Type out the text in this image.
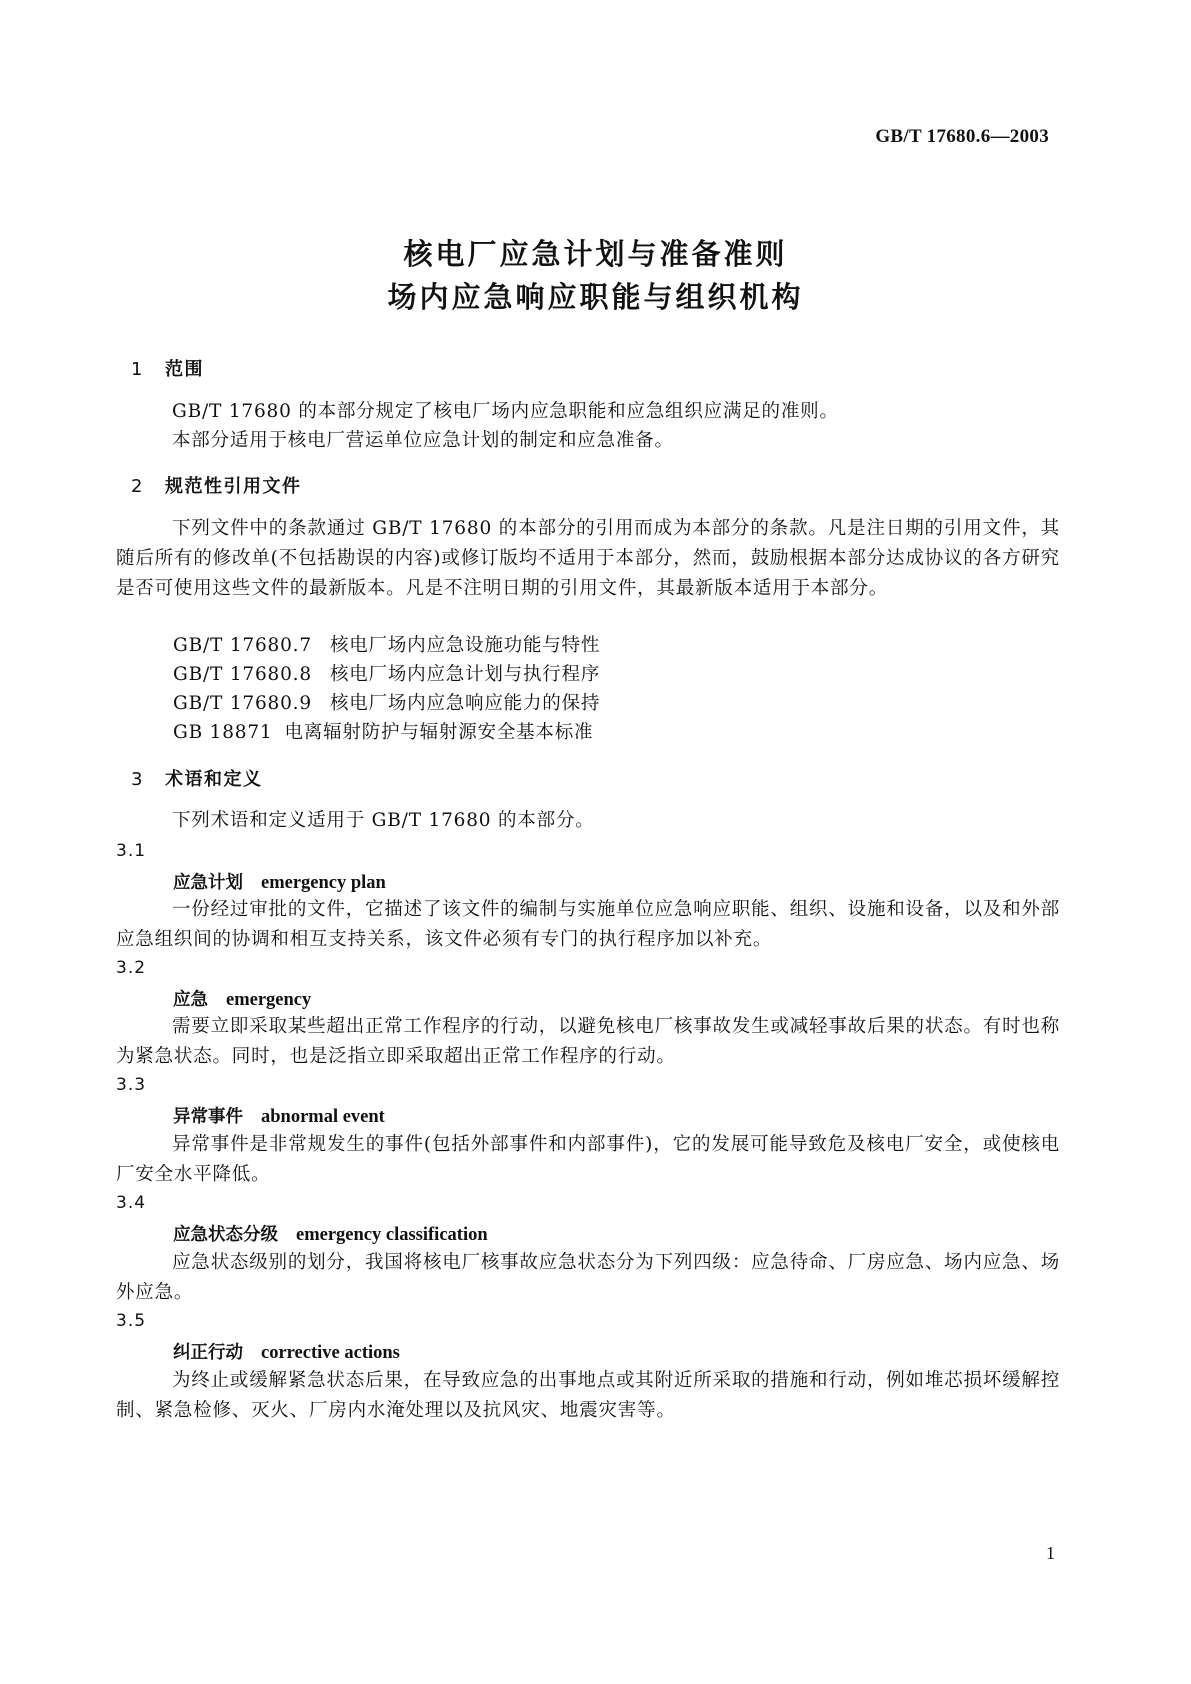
GB/T 17680.6—2003
核电厂应急计划与准备准则
场内应急响应职能与组织机构
1 范围
GB/T 17680 的本部分规定了核电厂场内应急职能和应急组织应满足的准则。
本部分适用于核电厂营运单位应急计划的制定和应急准备。
2 规范性引用文件
下列文件中的条款通过 GB/T 17680 的本部分的引用而成为本部分的条款。凡是注日期的引用文件，其随后所有的修改单(不包括勘误的内容)或修订版均不适用于本部分，然而，鼓励根据本部分达成协议的各方研究是否可使用这些文件的最新版本。凡是不注明日期的引用文件，其最新版本适用于本部分。
GB/T 17680.7 核电厂场内应急设施功能与特性
GB/T 17680.8 核电厂场内应急计划与执行程序
GB/T 17680.9 核电厂场内应急响应能力的保持
GB 18871 电离辐射防护与辐射源安全基本标准
3 术语和定义
下列术语和定义适用于 GB/T 17680 的本部分。
3.1
应急计划 emergency plan
一份经过审批的文件，它描述了该文件的编制与实施单位应急响应职能、组织、设施和设备，以及和外部应急组织间的协调和相互支持关系，该文件必须有专门的执行程序加以补充。
3.2
应急 emergency
需要立即采取某些超出正常工作程序的行动，以避免核电厂核事故发生或减轻事故后果的状态。有时也称为紧急状态。同时，也是泛指立即采取超出正常工作程序的行动。
3.3
异常事件 abnormal event
异常事件是非常规发生的事件(包括外部事件和内部事件)，它的发展可能导致危及核电厂安全，或使核电厂安全水平降低。
3.4
应急状态分级 emergency classification
应急状态级别的划分，我国将核电厂核事故应急状态分为下列四级：应急待命、厂房应急、场内应急、场外应急。
3.5
纠正行动 corrective actions
为终止或缓解紧急状态后果，在导致应急的出事地点或其附近所采取的措施和行动，例如堆芯损坏缓解控制、紧急检修、灭火、厂房内水淹处理以及抗风灾、地震灾害等。
1
